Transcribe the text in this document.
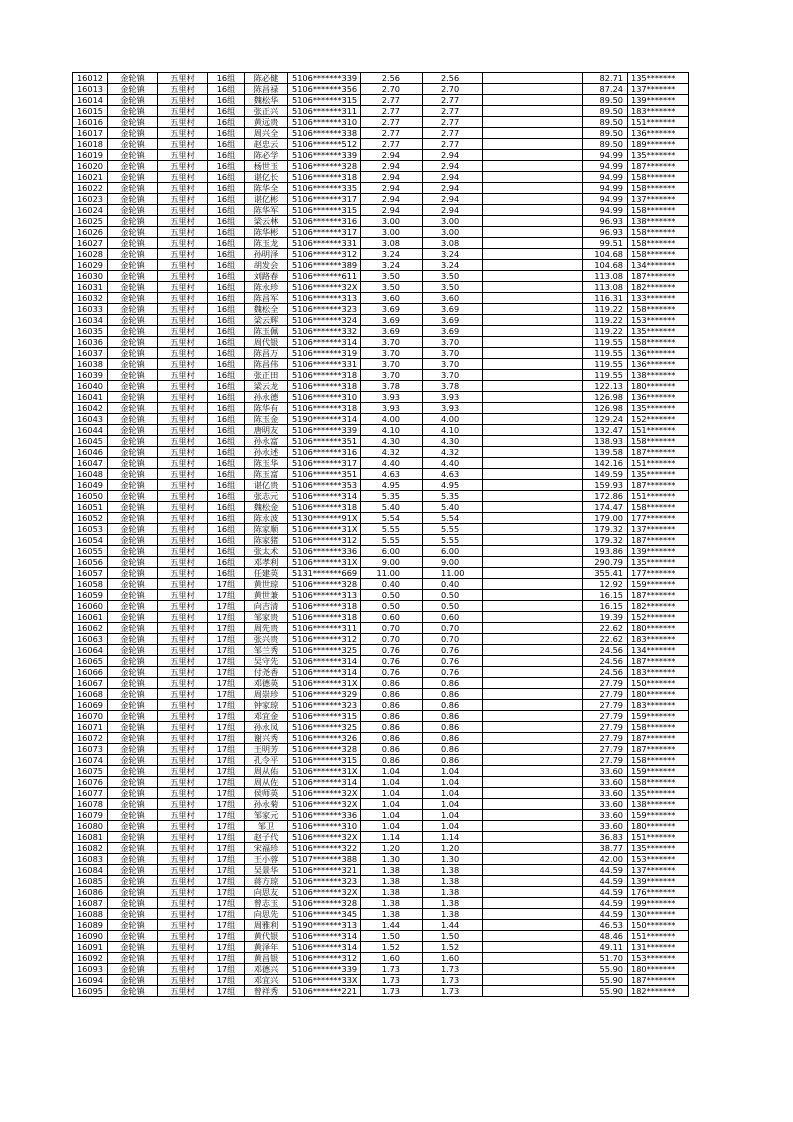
16012	金轮镇	五里村	16组	陈必健	5106*******339	2.56	2.56		82.71	135*******
16013	金轮镇	五里村	16组	陈昌禄	5106*******356	2.70	2.70		87.24	137*******
16014	金轮镇	五里村	16组	魏松华	5106*******315	2.77	2.77		89.50	139*******
16015	金轮镇	五里村	16组	张正兴	5106*******311	2.77	2.77		89.50	183*******
16016	金轮镇	五里村	16组	黄远贵	5106*******310	2.77	2.77		89.50	151*******
16017	金轮镇	五里村	16组	周兴全	5106*******338	2.77	2.77		89.50	136*******
16018	金轮镇	五里村	16组	赵忠云	5106*******512	2.77	2.77		89.50	189*******
16019	金轮镇	五里村	16组	陈必学	5106*******339	2.94	2.94		94.99	135*******
16020	金轮镇	五里村	16组	杨世玉	5106*******328	2.94	2.94		94.99	187*******
16021	金轮镇	五里村	16组	谌亿长	5106*******318	2.94	2.94		94.99	158*******
16022	金轮镇	五里村	16组	陈华全	5106*******335	2.94	2.94		94.99	158*******
16023	金轮镇	五里村	16组	谌亿彬	5106*******317	2.94	2.94		94.99	137*******
16024	金轮镇	五里村	16组	陈华军	5106*******315	2.94	2.94		94.99	158*******
16025	金轮镇	五里村	16组	梁云林	5106*******316	3.00	3.00		96.93	138*******
16026	金轮镇	五里村	16组	陈华彬	5106*******317	3.00	3.00		96.93	158*******
16027	金轮镇	五里村	16组	陈玉龙	5106*******331	3.08	3.08		99.51	158*******
16028	金轮镇	五里村	16组	孙明泽	5106*******312	3.24	3.24		104.68	158*******
16029	金轮镇	五里村	16组	胡发会	5106*******389	3.24	3.24		104.68	134*******
16030	金轮镇	五里村	16组	刘路春	5106*******611	3.50	3.50		113.08	187*******
16031	金轮镇	五里村	16组	陈永珍	5106*******32X	3.50	3.50		113.08	182*******
16032	金轮镇	五里村	16组	陈昌军	5106*******313	3.60	3.60		116.31	133*******
16033	金轮镇	五里村	16组	魏松全	5106*******323	3.69	3.69		119.22	158*******
16034	金轮镇	五里村	16组	梁云辉	5106*******324	3.69	3.69		119.22	153*******
16035	金轮镇	五里村	16组	陈玉佩	5106*******332	3.69	3.69		119.22	135*******
16036	金轮镇	五里村	16组	周代银	5106*******314	3.70	3.70		119.55	158*******
16037	金轮镇	五里村	16组	陈昌万	5106*******319	3.70	3.70		119.55	136*******
16038	金轮镇	五里村	16组	陈昌伟	5106*******331	3.70	3.70		119.55	136*******
16039	金轮镇	五里村	16组	张正田	5106*******318	3.70	3.70		119.55	138*******
16040	金轮镇	五里村	16组	梁云龙	5106*******318	3.78	3.78		122.13	180*******
16041	金轮镇	五里村	16组	孙永德	5106*******310	3.93	3.93		126.98	136*******
16042	金轮镇	五里村	16组	陈华有	5106*******318	3.93	3.93		126.98	135*******
16043	金轮镇	五里村	16组	陈玉金	5190*******314	4.00	4.00		129.24	152*******
16044	金轮镇	五里村	16组	唐明友	5106*******339	4.10	4.10		132.47	151*******
16045	金轮镇	五里村	16组	孙永富	5106*******351	4.30	4.30		138.93	158*******
16046	金轮镇	五里村	16组	孙永述	5106*******316	4.32	4.32		139.58	187*******
16047	金轮镇	五里村	16组	陈玉华	5106*******317	4.40	4.40		142.16	151*******
16048	金轮镇	五里村	16组	陈玉富	5106*******351	4.63	4.63		149.59	135*******
16049	金轮镇	五里村	16组	谌亿贵	5106*******353	4.95	4.95		159.93	187*******
16050	金轮镇	五里村	16组	张志元	5106*******314	5.35	5.35		172.86	151*******
16051	金轮镇	五里村	16组	魏松金	5106*******318	5.40	5.40		174.47	158*******
16052	金轮镇	五里村	16组	陈永波	5130*******91X	5.54	5.54		179.00	177*******
16053	金轮镇	五里村	16组	陈家顺	5106*******31X	5.55	5.55		179.32	137*******
16054	金轮镇	五里村	16组	陈家猪	5106*******312	5.55	5.55		179.32	187*******
16055	金轮镇	五里村	16组	张太术	5106*******336	6.00	6.00		193.86	139*******
16056	金轮镇	五里村	16组	邓孝利	5106*******31X	9.00	9.00		290.79	135*******
16057	金轮镇	五里村	16组	任建英	5131*******669	11.00	11.00		355.41	177*******
16058	金轮镇	五里村	17组	黄世琼	5106*******328	0.40	0.40		12.92	159*******
16059	金轮镇	五里村	17组	黄世兼	5106*******313	0.50	0.50		16.15	187*******
16060	金轮镇	五里村	17组	向吉清	5106*******318	0.50	0.50		16.15	182*******
16061	金轮镇	五里村	17组	邹家贵	5106*******318	0.60	0.60		19.39	152*******
16062	金轮镇	五里村	17组	周先贵	5106*******311	0.70	0.70		22.62	180*******
16063	金轮镇	五里村	17组	张兴贵	5106*******312	0.70	0.70		22.62	183*******
16064	金轮镇	五里村	17组	邹兰秀	5106*******325	0.76	0.76		24.56	134*******
16065	金轮镇	五里村	17组	吴守先	5106*******314	0.76	0.76		24.56	187*******
16066	金轮镇	五里村	17组	付尧香	5106*******314	0.76	0.76		24.56	183*******
16067	金轮镇	五里村	17组	邓德英	5106*******31X	0.86	0.86		27.79	150*******
16068	金轮镇	五里村	17组	周崇珍	5106*******329	0.86	0.86		27.79	180*******
16069	金轮镇	五里村	17组	钟家琼	5106*******323	0.86	0.86		27.79	183*******
16070	金轮镇	五里村	17组	邓宜金	5106*******315	0.86	0.86		27.79	159*******
16071	金轮镇	五里村	17组	孙永凤	5106*******325	0.86	0.86		27.79	158*******
16072	金轮镇	五里村	17组	谢兴秀	5106*******326	0.86	0.86		27.79	187*******
16073	金轮镇	五里村	17组	王明芳	5106*******328	0.86	0.86		27.79	187*******
16074	金轮镇	五里村	17组	孔令平	5106*******315	0.86	0.86		27.79	158*******
16075	金轮镇	五里村	17组	周从佑	5106*******31X	1.04	1.04		33.60	159*******
16076	金轮镇	五里村	17组	周从佐	5106*******314	1.04	1.04		33.60	158*******
16077	金轮镇	五里村	17组	侯师英	5106*******32X	1.04	1.04		33.60	135*******
16078	金轮镇	五里村	17组	孙永菊	5106*******32X	1.04	1.04		33.60	138*******
16079	金轮镇	五里村	17组	邹家元	5106*******336	1.04	1.04		33.60	159*******
16080	金轮镇	五里村	17组	邹卫	5106*******310	1.04	1.04		33.60	180*******
16081	金轮镇	五里村	17组	赵子代	5106*******32X	1.14	1.14		36.83	151*******
16082	金轮镇	五里村	17组	宋福珍	5106*******322	1.20	1.20		38.77	135*******
16083	金轮镇	五里村	17组	王小蓉	5107*******388	1.30	1.30		42.00	153*******
16084	金轮镇	五里村	17组	吴景华	5106*******321	1.38	1.38		44.59	137*******
16085	金轮镇	五里村	17组	蒋方琼	5106*******323	1.38	1.38		44.59	139*******
16086	金轮镇	五里村	17组	向思友	5106*******32X	1.38	1.38		44.59	176*******
16087	金轮镇	五里村	17组	曾志玉	5106*******328	1.38	1.38		44.59	199*******
16088	金轮镇	五里村	17组	向思先	5106*******345	1.38	1.38		44.59	130*******
16089	金轮镇	五里村	17组	周雅利	5190*******313	1.44	1.44		46.53	150*******
16090	金轮镇	五里村	17组	黄代银	5106*******314	1.50	1.50		48.46	151*******
16091	金轮镇	五里村	17组	黄泽年	5106*******314	1.52	1.52		49.11	131*******
16092	金轮镇	五里村	17组	黄昌银	5106*******312	1.60	1.60		51.70	153*******
16093	金轮镇	五里村	17组	邓德兴	5106*******339	1.73	1.73		55.90	180*******
16094	金轮镇	五里村	17组	邓宜兴	5106*******33X	1.73	1.73		55.90	187*******
16095	金轮镇	五里村	17组	曾祥秀	5106*******221	1.73	1.73		55.90	182*******
